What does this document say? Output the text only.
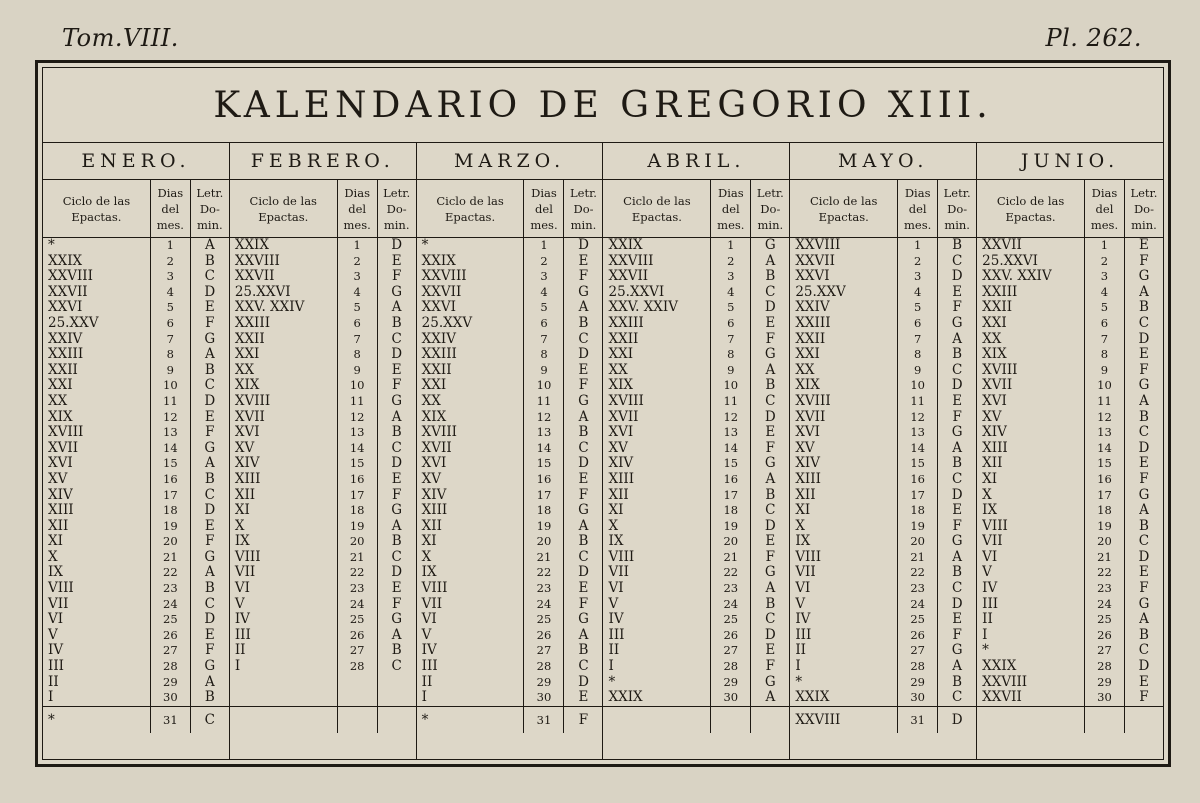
Tom.VIII.	Pl. 262.
KALENDARIO DE GREGORIO XIII.
ENERO.
Ciclo de las Epactas.
Dias del mes.
Letr. Do-min.
*	1	A
XXIX	2	B
XXVIII	3	C
XXVII	4	D
XXVI	5	E
25.XXV	6	F
XXIV	7	G
XXIII	8	A
XXII	9	B
XXI	10	C
XX	11	D
XIX	12	E
XVIII	13	F
XVII	14	G
XVI	15	A
XV	16	B
XIV	17	C
XIII	18	D
XII	19	E
XI	20	F
X	21	G
IX	22	A
VIII	23	B
VII	24	C
VI	25	D
V	26	E
IV	27	F
III	28	G
II	29	A
I	30	B
*	31	C
FEBRERO.
Ciclo de las Epactas.
Dias del mes.
Letr. Do-min.
XXIX	1	D
XXVIII	2	E
XXVII	3	F
25.XXVI	4	G
XXV. XXIV	5	A
XXIII	6	B
XXII	7	C
XXI	8	D
XX	9	E
XIX	10	F
XVIII	11	G
XVII	12	A
XVI	13	B
XV	14	C
XIV	15	D
XIII	16	E
XII	17	F
XI	18	G
X	19	A
IX	20	B
VIII	21	C
VII	22	D
VI	23	E
V	24	F
IV	25	G
III	26	A
II	27	B
I	28	C
MARZO.
Ciclo de las Epactas.
Dias del mes.
Letr. Do-min.
*	1	D
XXIX	2	E
XXVIII	3	F
XXVII	4	G
XXVI	5	A
25.XXV	6	B
XXIV	7	C
XXIII	8	D
XXII	9	E
XXI	10	F
XX	11	G
XIX	12	A
XVIII	13	B
XVII	14	C
XVI	15	D
XV	16	E
XIV	17	F
XIII	18	G
XII	19	A
XI	20	B
X	21	C
IX	22	D
VIII	23	E
VII	24	F
VI	25	G
V	26	A
IV	27	B
III	28	C
II	29	D
I	30	E
*	31	F
ABRIL.
Ciclo de las Epactas.
Dias del mes.
Letr. Do-min.
XXIX	1	G
XXVIII	2	A
XXVII	3	B
25.XXVI	4	C
XXV. XXIV	5	D
XXIII	6	E
XXII	7	F
XXI	8	G
XX	9	A
XIX	10	B
XVIII	11	C
XVII	12	D
XVI	13	E
XV	14	F
XIV	15	G
XIII	16	A
XII	17	B
XI	18	C
X	19	D
IX	20	E
VIII	21	F
VII	22	G
VI	23	A
V	24	B
IV	25	C
III	26	D
II	27	E
I	28	F
*	29	G
XXIX	30	A
MAYO.
Ciclo de las Epactas.
Dias del mes.
Letr. Do-min.
XXVIII	1	B
XXVII	2	C
XXVI	3	D
25.XXV	4	E
XXIV	5	F
XXIII	6	G
XXII	7	A
XXI	8	B
XX	9	C
XIX	10	D
XVIII	11	E
XVII	12	F
XVI	13	G
XV	14	A
XIV	15	B
XIII	16	C
XII	17	D
XI	18	E
X	19	F
IX	20	G
VIII	21	A
VII	22	B
VI	23	C
V	24	D
IV	25	E
III	26	F
II	27	G
I	28	A
*	29	B
XXIX	30	C
XXVIII	31	D
JUNIO.
Ciclo de las Epactas.
Dias del mes.
Letr. Do-min.
XXVII	1	E
25.XXVI	2	F
XXV. XXIV	3	G
XXIII	4	A
XXII	5	B
XXI	6	C
XX	7	D
XIX	8	E
XVIII	9	F
XVII	10	G
XVI	11	A
XV	12	B
XIV	13	C
XIII	14	D
XII	15	E
XI	16	F
X	17	G
IX	18	A
VIII	19	B
VII	20	C
VI	21	D
V	22	E
IV	23	F
III	24	G
II	25	A
I	26	B
*	27	C
XXIX	28	D
XXVIII	29	E
XXVII	30	F
